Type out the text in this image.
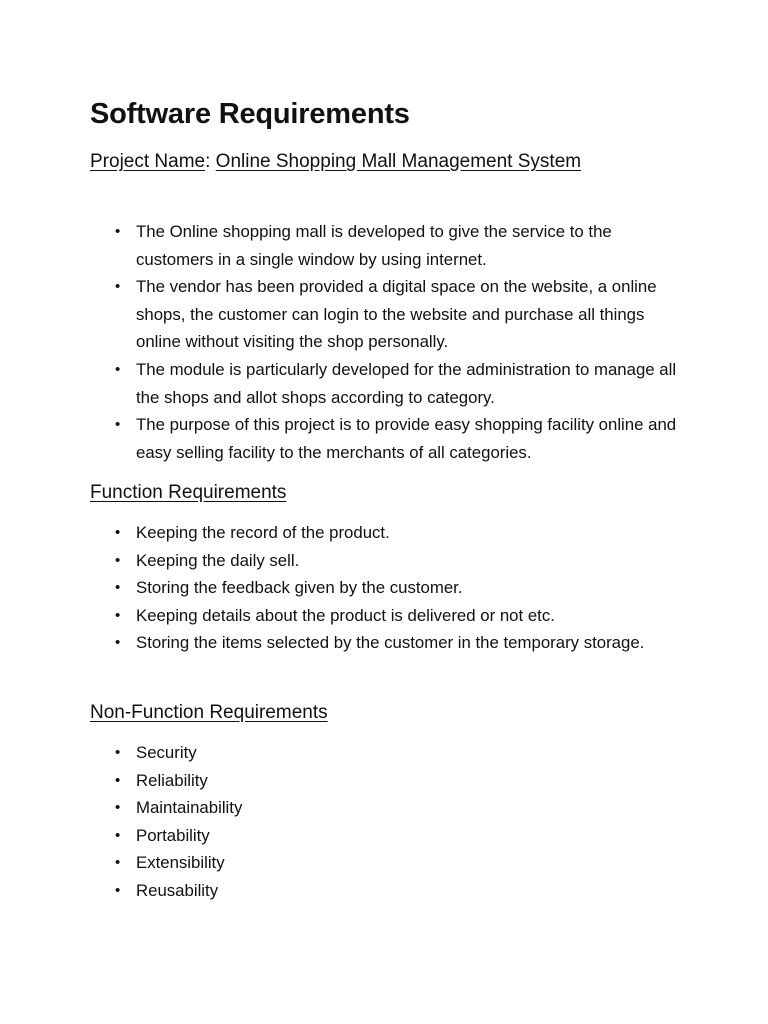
Software Requirements

Project Name: Online Shopping Mall Management System

• The Online shopping mall is developed to give the service to the customers in a single window by using internet.
• The vendor has been provided a digital space on the website, a online shops, the customer can login to the website and purchase all things online without visiting the shop personally.
• The module is particularly developed for the administration to manage all the shops and allot shops according to category.
• The purpose of this project is to provide easy shopping facility online and easy selling facility to the merchants of all categories.
Function Requirements
• Keeping the record of the product.
• Keeping the daily sell.
• Storing the feedback given by the customer.
• Keeping details about the product is delivered or not etc.
• Storing the items selected by the customer in the temporary storage.
Non-Function Requirements
• Security
• Reliability
• Maintainability
• Portability
• Extensibility
• Reusability
